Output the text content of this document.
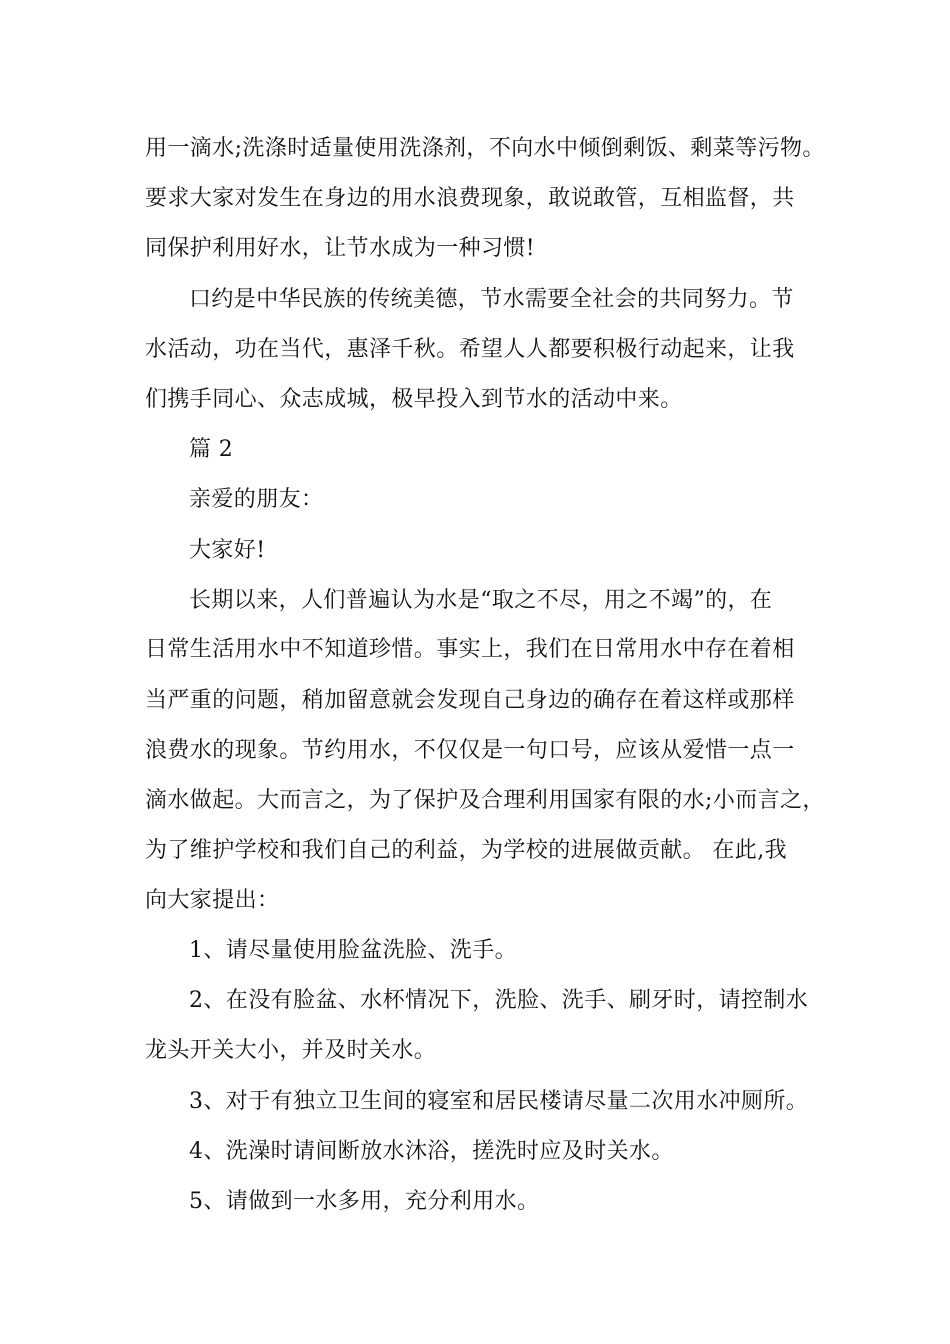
用一滴水;洗涤时适量使用洗涤剂，不向水中倾倒剩饭、剩菜等污物。
要求大家对发生在身边的用水浪费现象，敢说敢管，互相监督，共
同保护利用好水，让节水成为一种习惯!
口约是中华民族的传统美德，节水需要全社会的共同努力。节
水活动，功在当代，惠泽千秋。希望人人都要积极行动起来，让我
们携手同心、众志成城，极早投入到节水的活动中来。
篇 2
亲爱的朋友：
大家好!
长期以来，人们普遍认为水是“取之不尽，用之不竭”的，在
日常生活用水中不知道珍惜。事实上，我们在日常用水中存在着相
当严重的问题，稍加留意就会发现自己身边的确存在着这样或那样
浪费水的现象。节约用水，不仅仅是一句口号，应该从爱惜一点一
滴水做起。大而言之，为了保护及合理利用国家有限的水;小而言之，
为了维护学校和我们自己的利益，为学校的进展做贡献。 在此,我
向大家提出：
1、请尽量使用脸盆洗脸、洗手。
2、在没有脸盆、水杯情况下，洗脸、洗手、刷牙时，请控制水
龙头开关大小，并及时关水。
3、对于有独立卫生间的寝室和居民楼请尽量二次用水冲厕所。
4、洗澡时请间断放水沐浴，搓洗时应及时关水。
5、请做到一水多用，充分利用水。
